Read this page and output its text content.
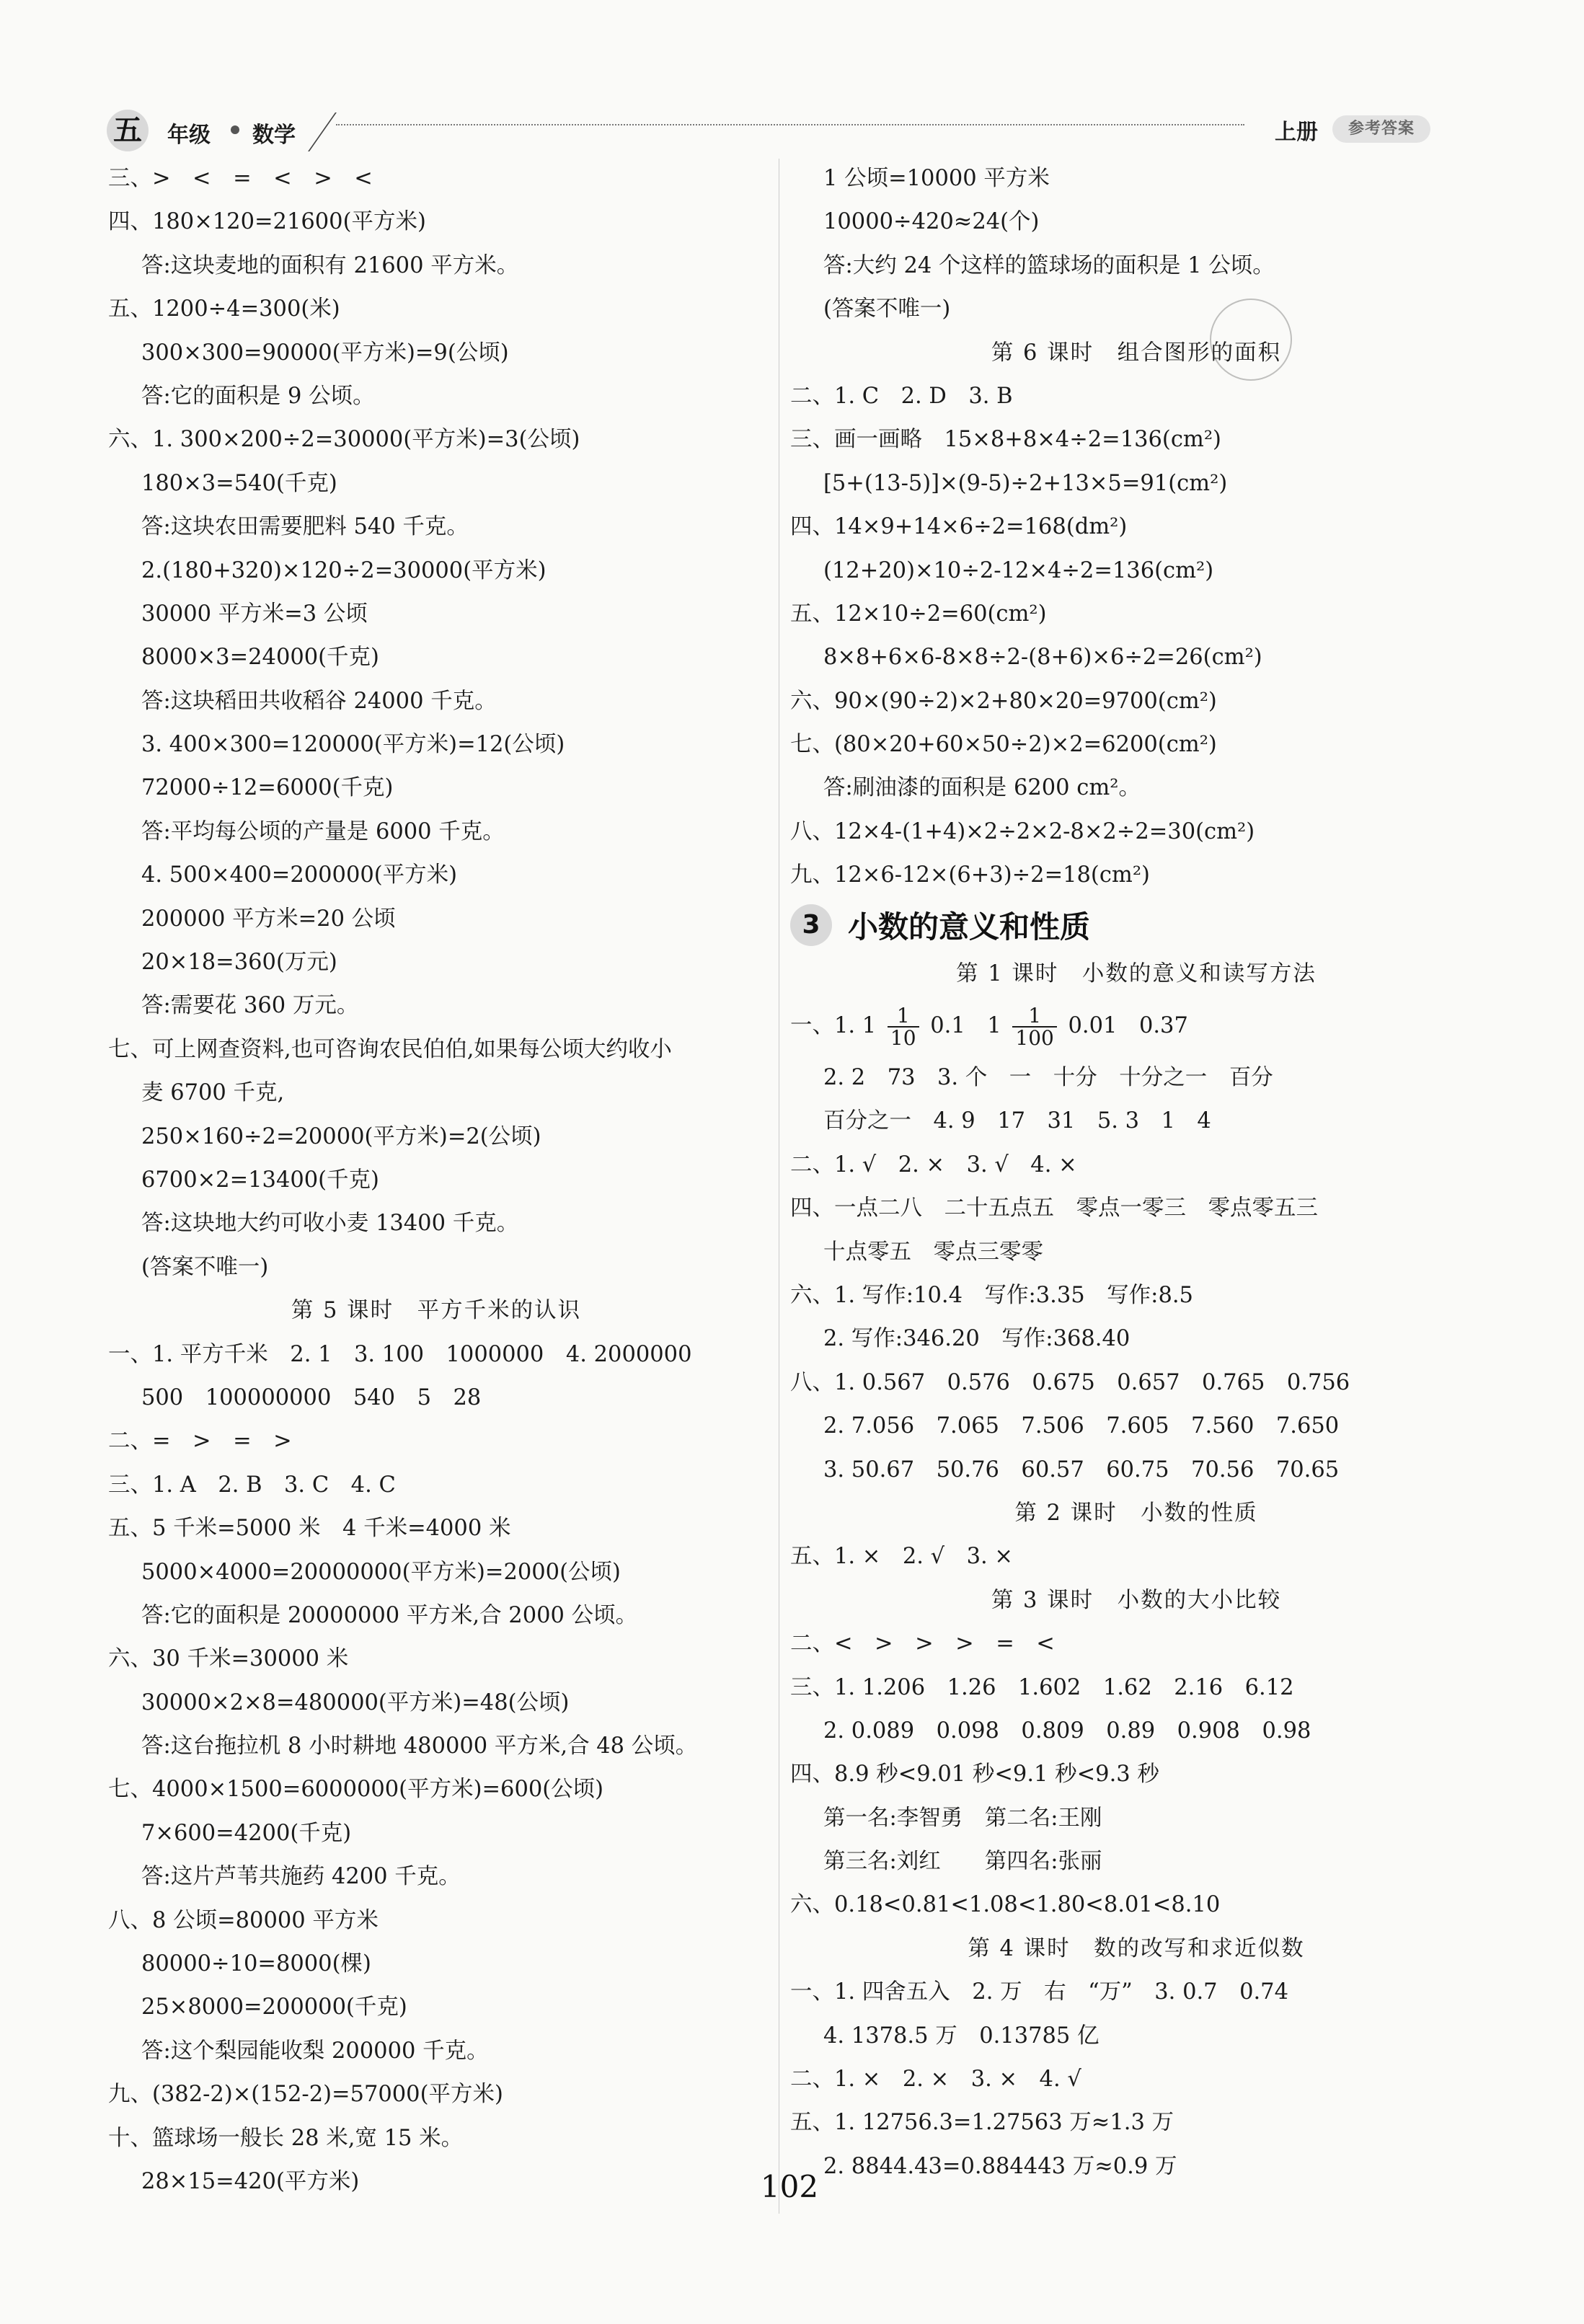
五	年级 数学	上册	参考答案

三、>　<　=　<　>　<

四、180×120=21600(平方米)

答:这块麦地的面积有 21600 平方米。

五、1200÷4=300(米)

300×300=90000(平方米)=9(公顷)

答:它的面积是 9 公顷。

六、1. 300×200÷2=30000(平方米)=3(公顷)

180×3=540(千克)

答:这块农田需要肥料 540 千克。

2.(180+320)×120÷2=30000(平方米)

30000 平方米=3 公顷

8000×3=24000(千克)

答:这块稻田共收稻谷 24000 千克。

3. 400×300=120000(平方米)=12(公顷)

72000÷12=6000(千克)

答:平均每公顷的产量是 6000 千克。

4. 500×400=200000(平方米)

200000 平方米=20 公顷

20×18=360(万元)

答:需要花 360 万元。

七、可上网查资料,也可咨询农民伯伯,如果每公顷大约收小

麦 6700 千克,

250×160÷2=20000(平方米)=2(公顷)

6700×2=13400(千克)

答:这块地大约可收小麦 13400 千克。

(答案不唯一)

第 5 课时　平方千米的认识

一、1. 平方千米　2. 1　3. 100　1000000　4. 2000000

500　100000000　540　5　28

二、=　>　=　>

三、1. A　2. B　3. C　4. C

五、5 千米=5000 米　4 千米=4000 米

5000×4000=20000000(平方米)=2000(公顷)

答:它的面积是 20000000 平方米,合 2000 公顷。

六、30 千米=30000 米

30000×2×8=480000(平方米)=48(公顷)

答:这台拖拉机 8 小时耕地 480000 平方米,合 48 公顷。

七、4000×1500=6000000(平方米)=600(公顷)

7×600=4200(千克)

答:这片芦苇共施药 4200 千克。

八、8 公顷=80000 平方米

80000÷10=8000(棵)

25×8000=200000(千克)

答:这个梨园能收梨 200000 千克。

九、(382-2)×(152-2)=57000(平方米)

十、篮球场一般长 28 米,宽 15 米。

28×15=420(平方米)

1 公顷=10000 平方米

10000÷420≈24(个)

答:大约 24 个这样的篮球场的面积是 1 公顷。

(答案不唯一)

第 6 课时　组合图形的面积

二、1. C　2. D　3. B

三、画一画略　15×8+8×4÷2=136(cm²)

[5+(13-5)]×(9-5)÷2+13×5=91(cm²)

四、14×9+14×6÷2=168(dm²)

(12+20)×10÷2-12×4÷2=136(cm²)

五、12×10÷2=60(cm²)

8×8+6×6-8×8÷2-(8+6)×6÷2=26(cm²)

六、90×(90÷2)×2+80×20=9700(cm²)

七、(80×20+60×50÷2)×2=6200(cm²)

答:刷油漆的面积是 6200 cm²。

八、12×4-(1+4)×2÷2×2-8×2÷2=30(cm²)

九、12×6-12×(6+3)÷2=18(cm²)

3 小数的意义和性质

第 1 课时　小数的意义和读写方法

一、1. $1 \frac{1}{10} 0.1$　$1 \frac{1}{100} 0.01$　0.37

2. 2　73　3. 个　一　十分　十分之一　百分

百分之一　4. 9　17　31　5. 3　1　4

二、1. √　2. ×　3. √　4. ×

四、一点二八　二十五点五　零点一零三　零点零五三

十点零五　零点三零零

六、1. 写作:10.4　写作:3.35　写作:8.5

2. 写作:346.20　写作:368.40

八、1. 0.567　0.576　0.675　0.657　0.765　0.756

2. 7.056　7.065　7.506　7.605　7.560　7.650

3. 50.67　50.76　60.57　60.75　70.56　70.65

第 2 课时　小数的性质

五、1. ×　2. √　3. ×

第 3 课时　小数的大小比较

二、<　>　>　>　=　<

三、1. 1.206　1.26　1.602　1.62　2.16　6.12

2. 0.089　0.098　0.809　0.89　0.908　0.98

四、8.9 秒<9.01 秒<9.1 秒<9.3 秒

第一名:李智勇　第二名:王刚

第三名:刘红　　第四名:张丽

六、0.18<0.81<1.08<1.80<8.01<8.10

第 4 课时　数的改写和求近似数

一、1. 四舍五入　2. 万　右　“万”　3. 0.7　0.74

4. 1378.5 万　0.13785 亿

二、1. ×　2. ×　3. ×　4. √

五、1. 12756.3=1.27563 万≈1.3 万

2. 8844.43=0.884443 万≈0.9 万

102
